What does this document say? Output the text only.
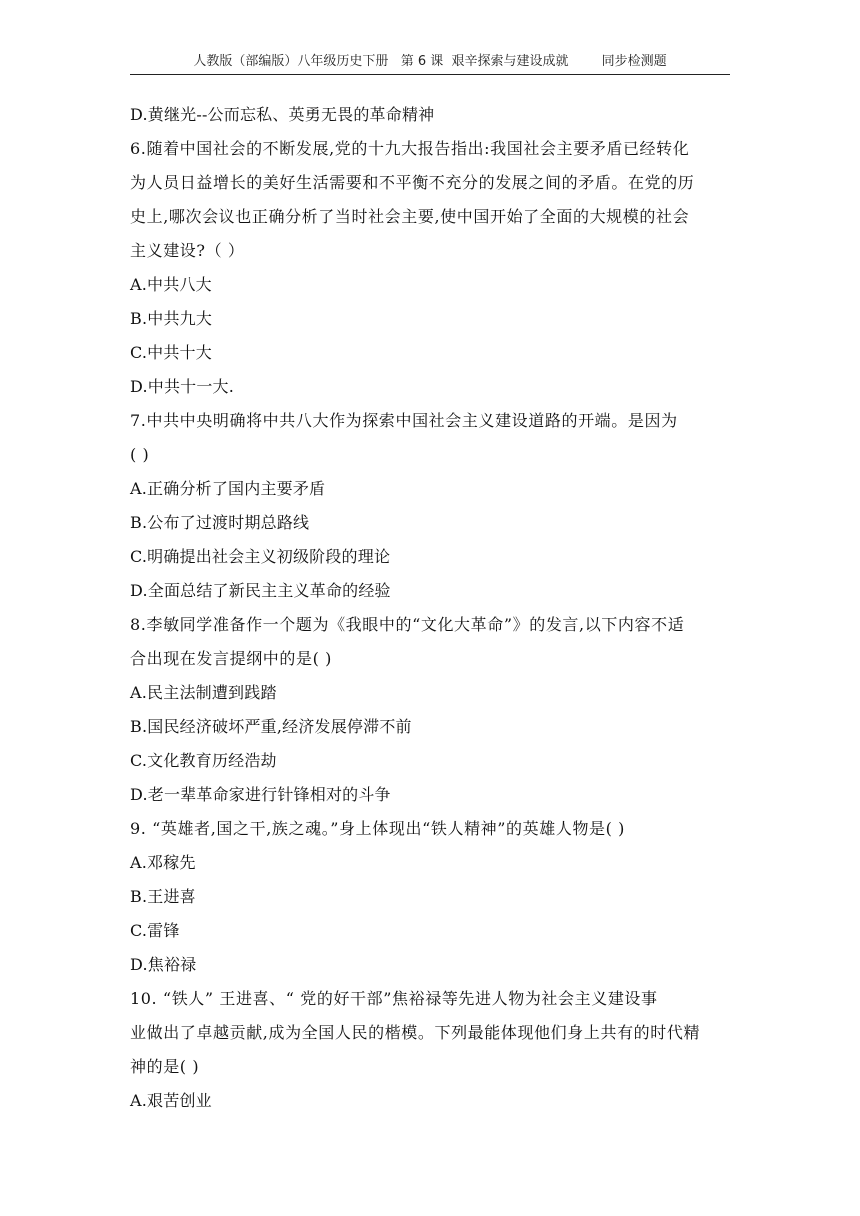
人教版（部编版）八年级历史下册   第 6 课  艰辛探索与建设成就        同步检测题
D.黄继光--公而忘私、英勇无畏的革命精神
6.随着中国社会的不断发展,党的十九大报告指出:我国社会主要矛盾已经转化
为人员日益增长的美好生活需要和不平衡不充分的发展之间的矛盾。在党的历
史上,哪次会议也正确分析了当时社会主要,使中国开始了全面的大规模的社会
主义建设?（ ）
A.中共八大
B.中共九大
C.中共十大
D.中共十一大.
7.中共中央明确将中共八大作为探索中国社会主义建设道路的开端。是因为
( )
A.正确分析了国内主要矛盾
B.公布了过渡时期总路线
C.明确提出社会主义初级阶段的理论
D.全面总结了新民主主义革命的经验
8.李敏同学准备作一个题为《我眼中的“文化大革命”》的发言,以下内容不适
合出现在发言提纲中的是( )
A.民主法制遭到践踏
B.国民经济破坏严重,经济发展停滞不前
C.文化教育历经浩劫
D.老一辈革命家进行针锋相对的斗争
9. “英雄者,国之干,族之魂。”身上体现出“铁人精神”的英雄人物是( )
A.邓稼先
B.王进喜
C.雷锋
D.焦裕禄
10. “铁人” 王进喜、“ 党的好干部”焦裕禄等先进人物为社会主义建设事
业做出了卓越贡献,成为全国人民的楷模。下列最能体现他们身上共有的时代精
神的是( )
A.艰苦创业
